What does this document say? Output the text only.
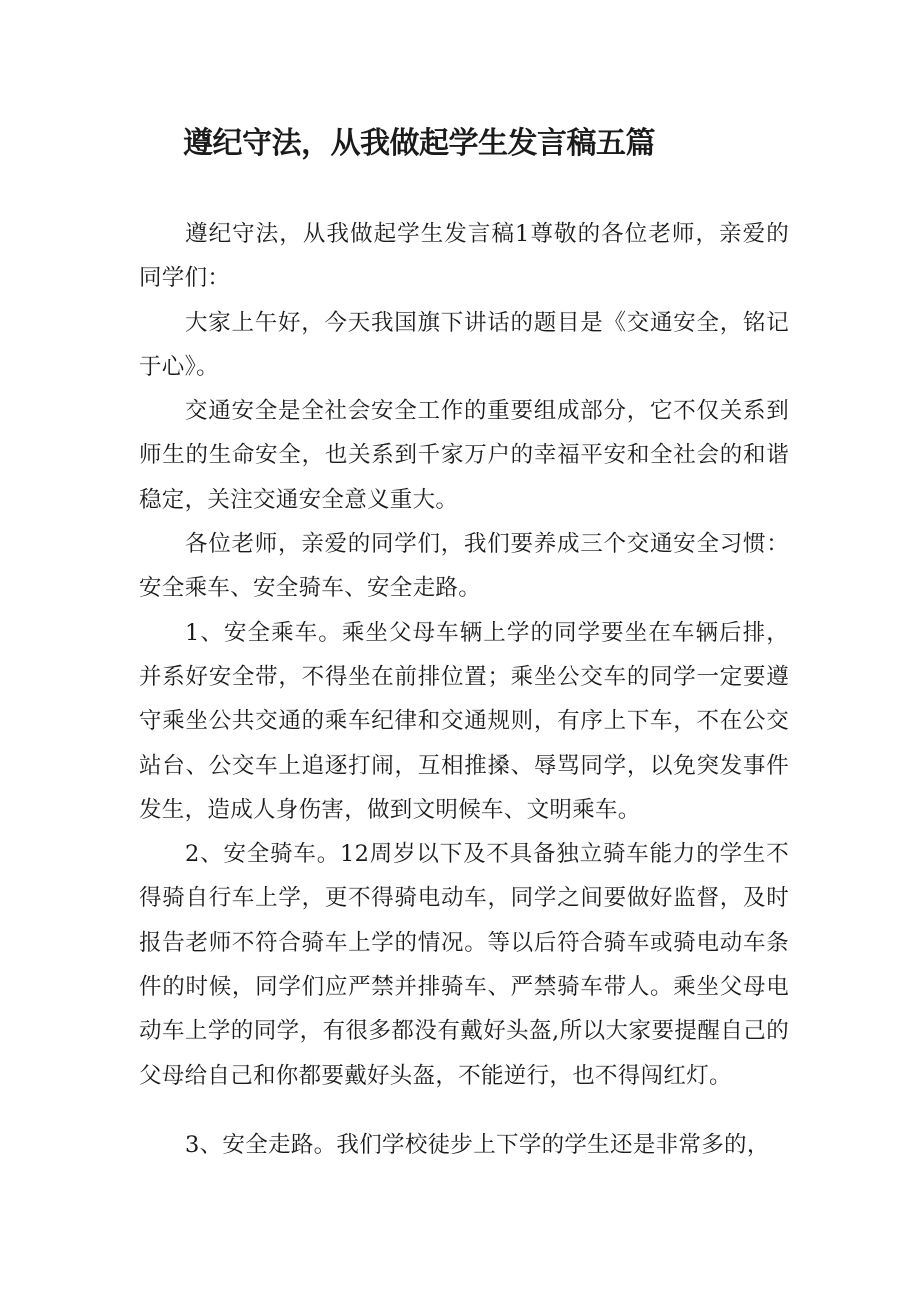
遵纪守法，从我做起学生发言稿五篇

遵纪守法，从我做起学生发言稿1尊敬的各位老师，亲爱的同学们：

大家上午好，今天我国旗下讲话的题目是《交通安全，铭记于心》。

交通安全是全社会安全工作的重要组成部分，它不仅关系到师生的生命安全，也关系到千家万户的幸福平安和全社会的和谐稳定，关注交通安全意义重大。

各位老师，亲爱的同学们，我们要养成三个交通安全习惯：安全乘车、安全骑车、安全走路。

1、安全乘车。乘坐父母车辆上学的同学要坐在车辆后排，并系好安全带，不得坐在前排位置；乘坐公交车的同学一定要遵守乘坐公共交通的乘车纪律和交通规则，有序上下车，不在公交站台、公交车上追逐打闹，互相推搡、辱骂同学，以免突发事件发生，造成人身伤害，做到文明候车、文明乘车。

2、安全骑车。12周岁以下及不具备独立骑车能力的学生不得骑自行车上学，更不得骑电动车，同学之间要做好监督，及时报告老师不符合骑车上学的情况。等以后符合骑车或骑电动车条件的时候，同学们应严禁并排骑车、严禁骑车带人。乘坐父母电动车上学的同学，有很多都没有戴好头盔,所以大家要提醒自己的父母给自己和你都要戴好头盔，不能逆行，也不得闯红灯。

3、安全走路。我们学校徒步上下学的学生还是非常多的，
